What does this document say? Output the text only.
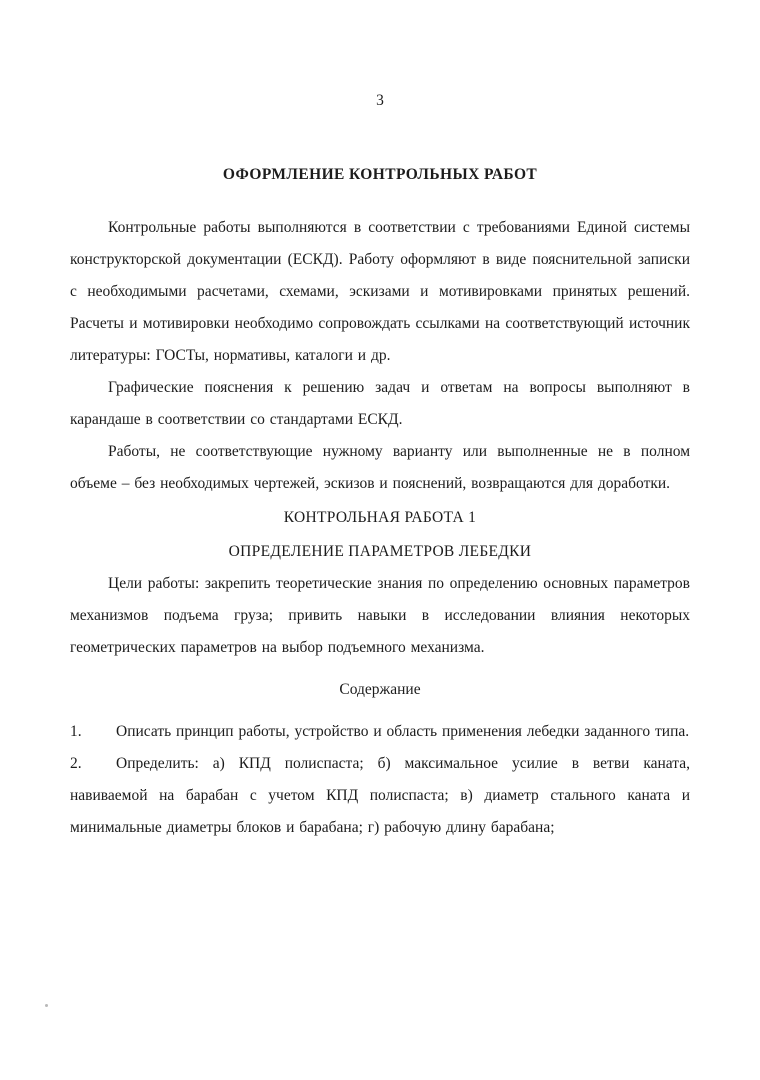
3
ОФОРМЛЕНИЕ КОНТРОЛЬНЫХ РАБОТ

Контрольные работы выполняются в соответствии с требованиями Единой системы конструкторской документации (ЕСКД). Работу оформляют в виде пояснительной записки с необходимыми расчетами, схемами, эскизами и мотивировками принятых решений. Расчеты и мотивировки необходимо сопровождать ссылками на соответствующий источник литературы: ГОСТы, нормативы, каталоги и др.

Графические пояснения к решению задач и ответам на вопросы выполняют в карандаше в соответствии со стандартами ЕСКД.

Работы, не соответствующие нужному варианту или выполненные не в полном объеме – без необходимых чертежей, эскизов и пояснений, возвращаются для доработки.

КОНТРОЛЬНАЯ РАБОТА 1
ОПРЕДЕЛЕНИЕ ПАРАМЕТРОВ ЛЕБЕДКИ

Цели работы: закрепить теоретические знания по определению основных параметров механизмов подъема груза; привить навыки в исследовании влияния некоторых геометрических параметров на выбор подъемного механизма.

Содержание

1. Описать принцип работы, устройство и область применения лебедки заданного типа.

2. Определить: а) КПД полиспаста; б) максимальное усилие в ветви каната, навиваемой на барабан с учетом КПД полиспаста; в) диаметр стального каната и минимальные диаметры блоков и барабана; г) рабочую длину барабана;
